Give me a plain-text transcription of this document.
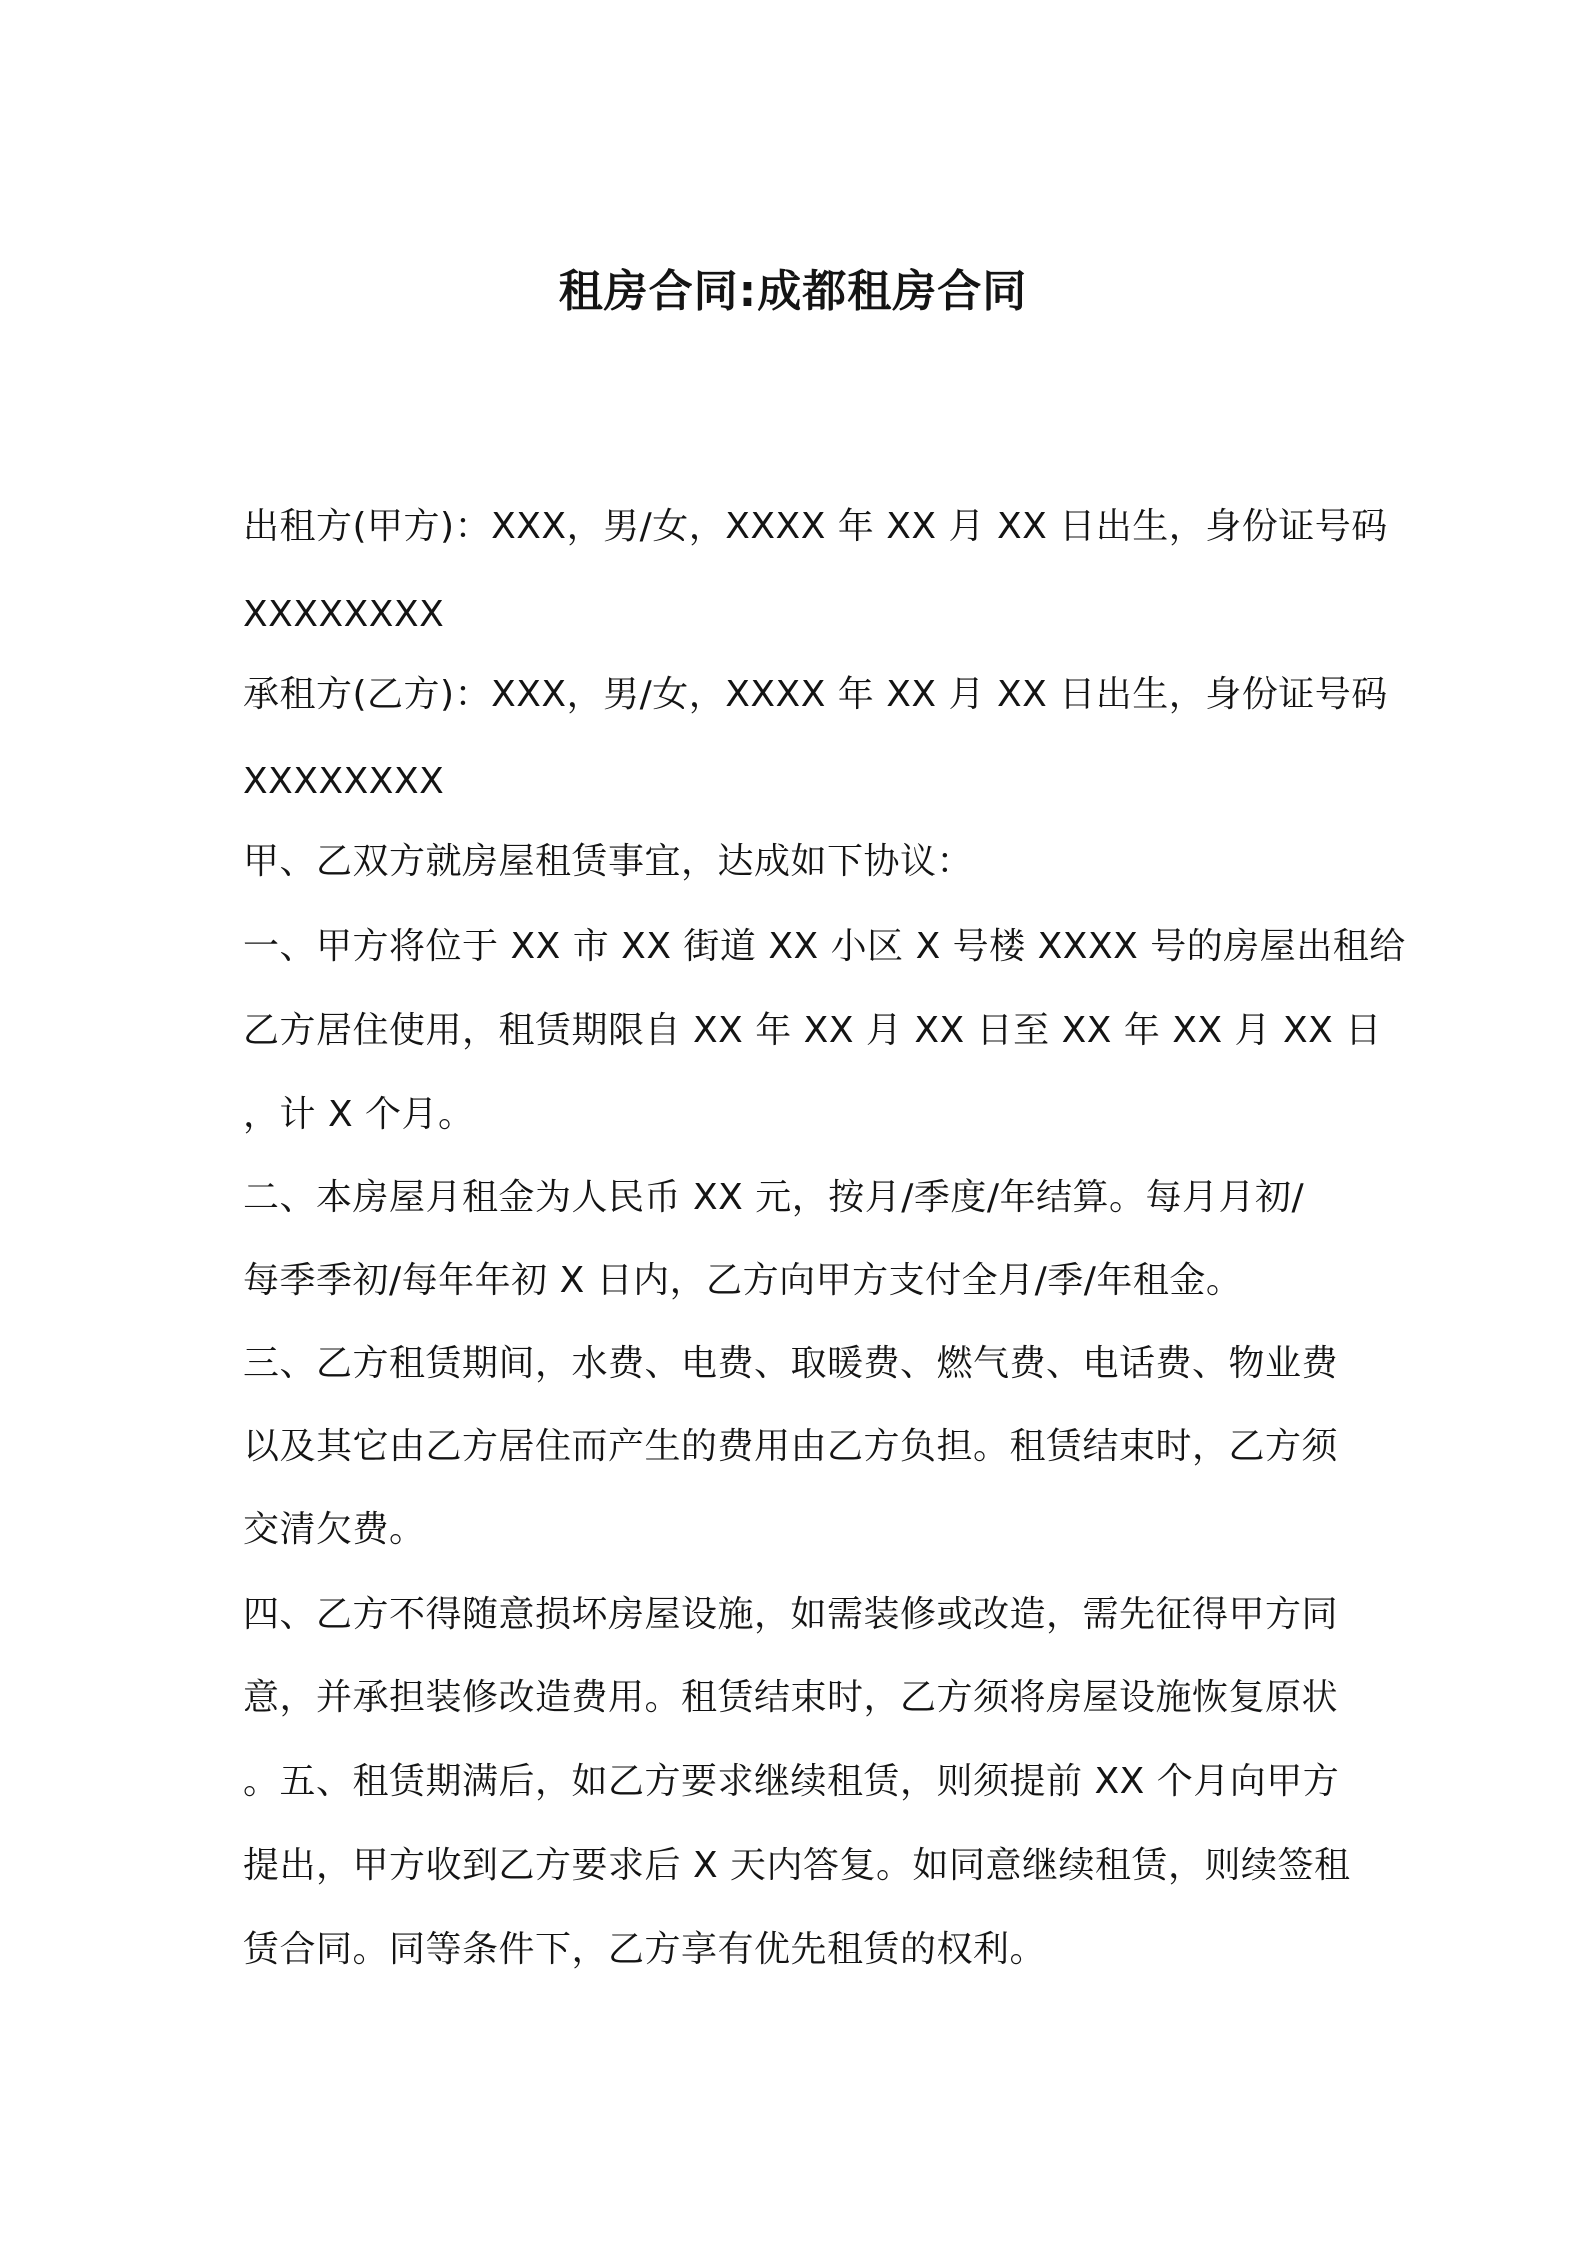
租房合同:成都租房合同
出租方(甲方)：XXX，男/女，XXXX 年 XX 月 XX 日出生，身份证号码
XXXXXXXX
承租方(乙方)：XXX，男/女，XXXX 年 XX 月 XX 日出生，身份证号码
XXXXXXXX
甲、乙双方就房屋租赁事宜，达成如下协议：
一、甲方将位于 XX 市 XX 街道 XX 小区 X 号楼 XXXX 号的房屋出租给
乙方居住使用，租赁期限自 XX 年 XX 月 XX 日至 XX 年 XX 月 XX 日
，计 X 个月。
二、本房屋月租金为人民币 XX 元，按月/季度/年结算。每月月初/
每季季初/每年年初 X 日内，乙方向甲方支付全月/季/年租金。
三、乙方租赁期间，水费、电费、取暖费、燃气费、电话费、物业费
以及其它由乙方居住而产生的费用由乙方负担。租赁结束时，乙方须
交清欠费。
四、乙方不得随意损坏房屋设施，如需装修或改造，需先征得甲方同
意，并承担装修改造费用。租赁结束时，乙方须将房屋设施恢复原状
。五、租赁期满后，如乙方要求继续租赁，则须提前 XX 个月向甲方
提出，甲方收到乙方要求后 X 天内答复。如同意继续租赁，则续签租
赁合同。同等条件下，乙方享有优先租赁的权利。
